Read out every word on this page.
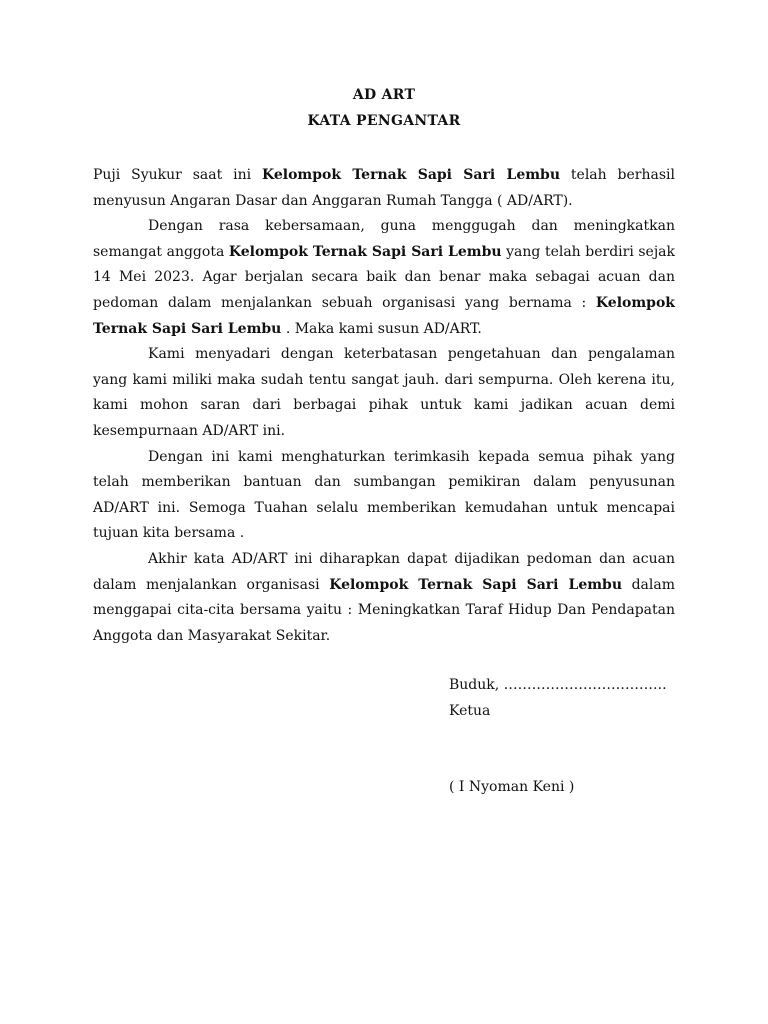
AD ART
KATA PENGANTAR

Puji Syukur saat ini Kelompok Ternak Sapi Sari Lembu telah berhasil menyusun Angaran Dasar dan Anggaran Rumah Tangga ( AD/ART).

Dengan rasa kebersamaan, guna menggugah dan meningkatkan semangat anggota Kelompok Ternak Sapi Sari Lembu yang telah berdiri sejak 14 Mei 2023. Agar berjalan secara baik dan benar maka sebagai acuan dan pedoman dalam menjalankan sebuah organisasi yang bernama : Kelompok Ternak Sapi Sari Lembu . Maka kami susun AD/ART.

Kami menyadari dengan keterbatasan pengetahuan dan pengalaman yang kami miliki maka sudah tentu sangat jauh. dari sempurna. Oleh kerena itu, kami mohon saran dari berbagai pihak untuk kami jadikan acuan demi kesempurnaan AD/ART ini.

Dengan ini kami menghaturkan terimkasih kepada semua pihak yang telah memberikan bantuan dan sumbangan pemikiran dalam penyusunan AD/ART ini. Semoga Tuahan selalu memberikan kemudahan untuk mencapai tujuan kita bersama .

Akhir kata AD/ART ini diharapkan dapat dijadikan pedoman dan acuan dalam menjalankan organisasi Kelompok Ternak Sapi Sari Lembu dalam menggapai cita-cita bersama yaitu : Meningkatkan Taraf Hidup Dan Pendapatan Anggota dan Masyarakat Sekitar.

Buduk, ……………………………..
Ketua
( I Nyoman Keni )
